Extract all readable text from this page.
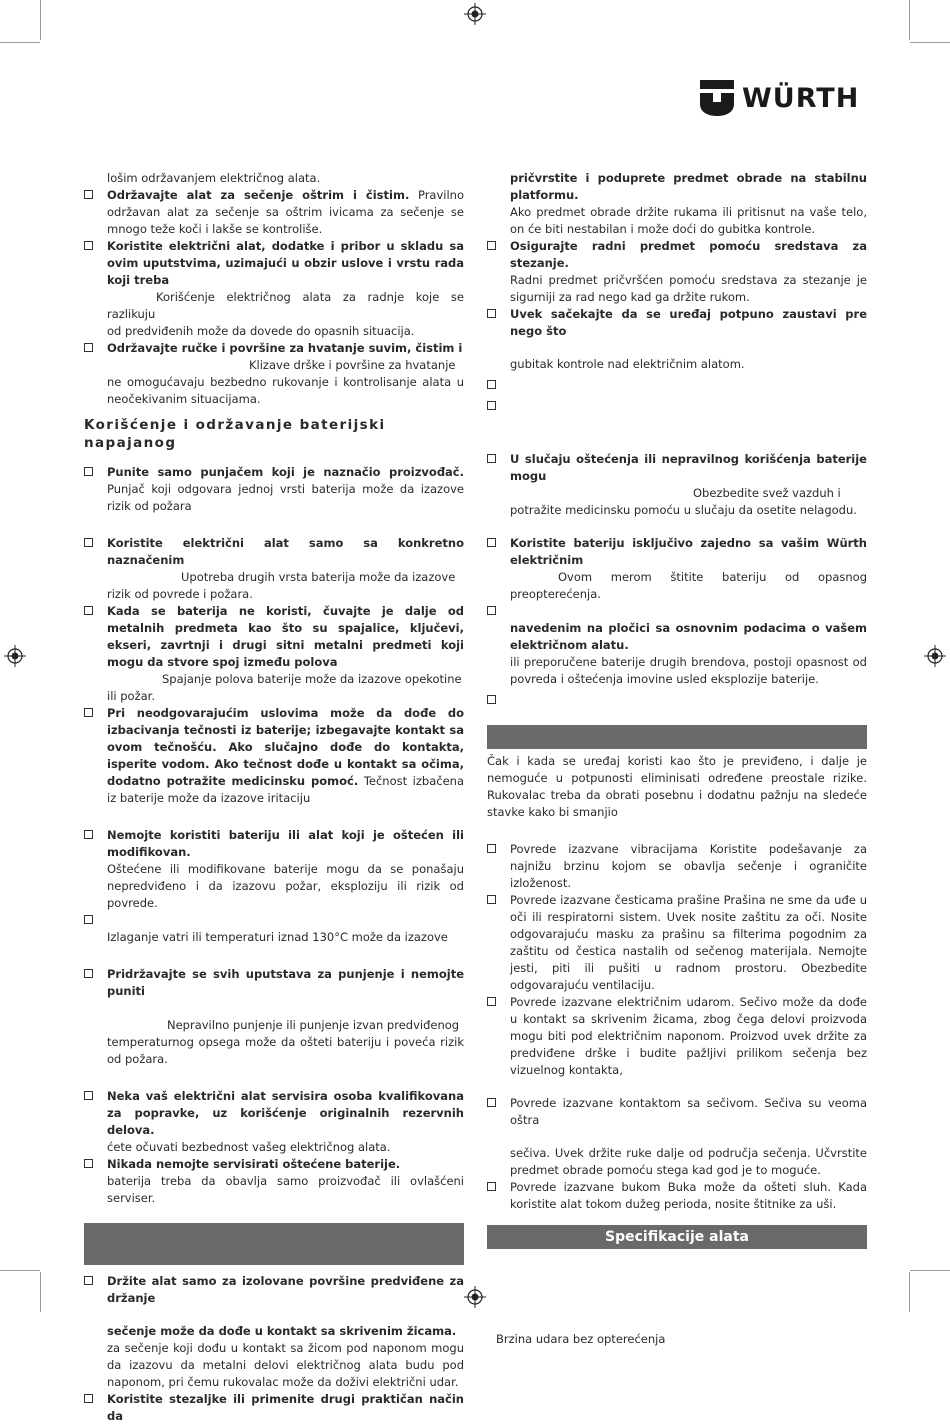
WÜRTH

lošim održavanjem električnog alata.

Održavajte alat za sečenje oštrim i čistim. Pravilno održavan alat za sečenje sa oštrim ivicama za sečenje se mnogo teže koči i lakše se kontroliše.
Koristite električni alat, dodatke i pribor u skladu sa ovim uputstvima, uzimajući u obzir uslove i vrstu rada koji treba
Korišćenje električnog alata za radnje koje se razlikuju
od predviđenih može da dovede do opasnih situacija.
Održavajte ručke i površine za hvatanje suvim, čistim i
Klizave drške i površine za hvatanje
ne omogućavaju bezbedno rukovanje i kontrolisanje alata u neočekivanim situacijama.

Korišćenje i održavanje baterijski napajanog

Punite samo punjačem koji je naznačio proizvođač. Punjač koji odgovara jednoj vrsti baterija može da izazove rizik od požara
Koristite električni alat samo sa konkretno naznačenim
Upotreba drugih vrsta baterija može da izazove
rizik od povrede i požara.
Kada se baterija ne koristi, čuvajte je dalje od metalnih predmeta kao što su spajalice, ključevi, ekseri, zavrtnji i drugi sitni metalni predmeti koji mogu da stvore spoj između polova
Spajanje polova baterije može da izazove opekotine
ili požar.
Pri neodgovarajućim uslovima može da dođe do izbacivanja tečnosti iz baterije; izbegavajte kontakt sa ovom tečnošću. Ako slučajno dođe do kontakta, isperite vodom. Ako tečnost dođe u kontakt sa očima, dodatno potražite medicinsku pomoć. Tečnost izbačena iz baterije može da izazove iritaciju
Nemojte koristiti bateriju ili alat koji je oštećen ili modifikovan.
Oštećene ili modifikovane baterije mogu da se ponašaju nepredviđeno i da izazovu požar, eksploziju ili rizik od povrede.

Izlaganje vatri ili temperaturi iznad 130°C može da izazove
Pridržavajte se svih uputstava za punjenje i nemojte puniti

Nepravilno punjenje ili punjenje izvan predviđenog
temperaturnog opsega može da ošteti bateriju i poveća rizik od požara.
Neka vaš električni alat servisira osoba kvalifikovana za popravke, uz korišćenje originalnih rezervnih delova.
ćete očuvati bezbednost vašeg električnog alata.
Nikada nemojte servisirati oštećene baterije.
baterija treba da obavlja samo proizvođač ili ovlašćeni serviser.
Držite alat samo za izolovane površine predviđene za držanje

sečenje može da dođe u kontakt sa skrivenim žicama.

za sečenje koji dođu u kontakt sa žicom pod naponom mogu da izazovu da metalni delovi električnog alata budu pod naponom, pri čemu rukovalac može da doživi električni udar.

Koristite stezaljke ili primenite drugi praktičan način da

pričvrstite i poduprete predmet obrade na stabilnu platformu.

Ako predmet obrade držite rukama ili pritisnut na vaše telo, on će biti nestabilan i može doći do gubitka kontrole.

Osigurajte radni predmet pomoću sredstava za stezanje.
Radni predmet pričvršćen pomoću sredstava za stezanje je sigurniji za rad nego kad ga držite rukom.
Uvek sačekajte da se uređaj potpuno zaustavi pre nego što

gubitak kontrole nad električnim alatom.

U slučaju oštećenja ili nepravilnog korišćenja baterije mogu
Obezbedite svež vazduh i
potražite medicinsku pomoću u slučaju da osetite nelagodu.
Koristite bateriju isključivo zajedno sa vašim Würth električnim
Ovom merom štitite bateriju od opasnog preopterećenja.

navedenim na pločici sa osnovnim podacima o vašem električnom alatu.
ili preporučene baterije drugih brendova, postoji opasnost od povreda i oštećenja imovine usled eksplozije baterije.

Čak i kada se uređaj koristi kao što je previđeno, i dalje je nemoguće u potpunosti eliminisati određene preostale rizike. Rukovalac treba da obrati posebnu i dodatnu pažnju na sledeće stavke kako bi smanjio

Povrede izazvane vibracijama Koristite podešavanje za najnižu brzinu kojom se obavlja sečenje i ograničite izloženost.
Povrede izazvane česticama prašine Prašina ne sme da uđe u oči ili respiratorni sistem. Uvek nosite zaštitu za oči. Nosite odgovarajuću masku za prašinu sa filterima pogodnim za zaštitu od čestica nastalih od sečenog materijala. Nemojte jesti, piti ili pušiti u radnom prostoru. Obezbedite odgovarajuću ventilaciju.
Povrede izazvane električnim udarom. Sečivo može da dođe u kontakt sa skrivenim žicama, zbog čega delovi proizvoda mogu biti pod električnim naponom. Proizvod uvek držite za predviđene drške i budite pažljivi prilikom sečenja bez vizuelnog kontakta,
Povrede izazvane kontaktom sa sečivom. Sečiva su veoma oštra

sečiva. Uvek držite ruke dalje od područja sečenja. Učvrstite predmet obrade pomoću stega kad god je to moguće.

Povrede izazvane bukom Buka može da ošteti sluh. Kada koristite alat tokom dužeg perioda, nosite štitnike za uši.
Specifikacije alata

Brzina udara bez opterećenja
